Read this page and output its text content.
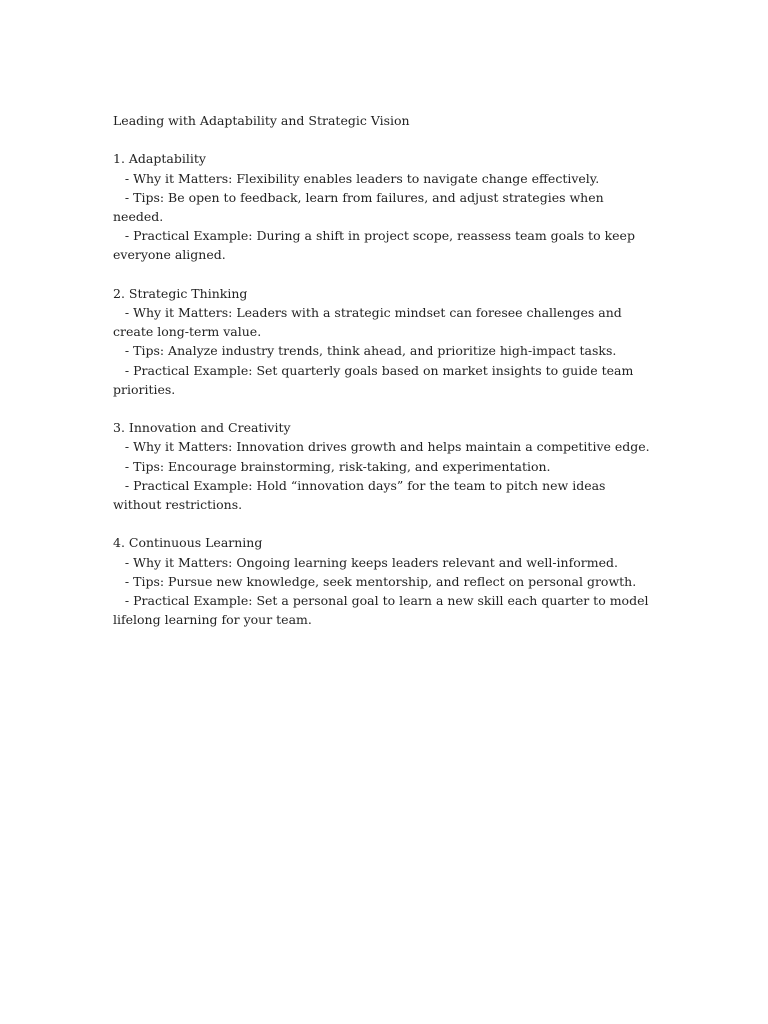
Leading with Adaptability and Strategic Vision

1. Adaptability

- Why it Matters: Flexibility enables leaders to navigate change effectively.

- Tips: Be open to feedback, learn from failures, and adjust strategies when needed.

- Practical Example: During a shift in project scope, reassess team goals to keep everyone aligned.

2. Strategic Thinking

- Why it Matters: Leaders with a strategic mindset can foresee challenges and create long-term value.

- Tips: Analyze industry trends, think ahead, and prioritize high-impact tasks.

- Practical Example: Set quarterly goals based on market insights to guide team priorities.

3. Innovation and Creativity

- Why it Matters: Innovation drives growth and helps maintain a competitive edge.

- Tips: Encourage brainstorming, risk-taking, and experimentation.

- Practical Example: Hold “innovation days” for the team to pitch new ideas without restrictions.

4. Continuous Learning

- Why it Matters: Ongoing learning keeps leaders relevant and well-informed.

- Tips: Pursue new knowledge, seek mentorship, and reflect on personal growth.

- Practical Example: Set a personal goal to learn a new skill each quarter to model lifelong learning for your team.
